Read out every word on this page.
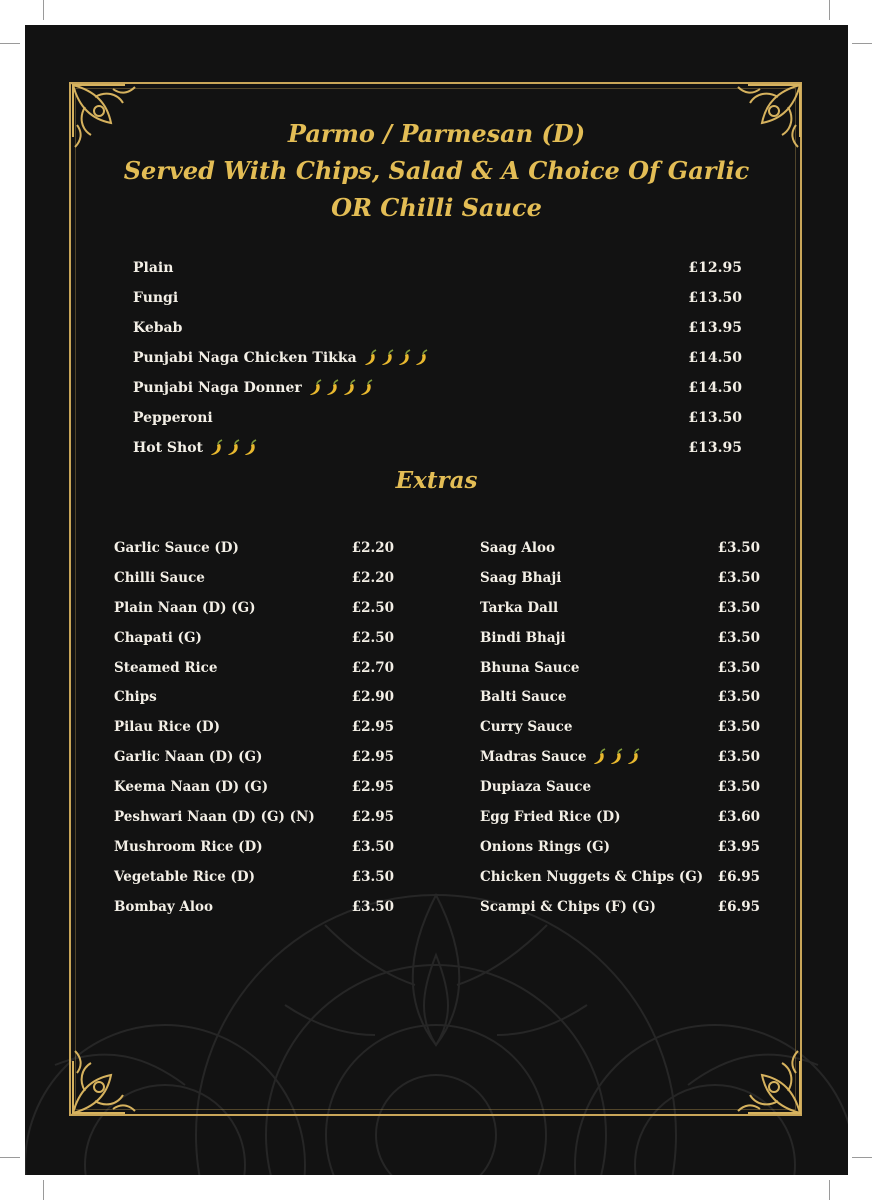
Parmo / Parmesan (D)
Served With Chips, Salad & A Choice Of Garlic
OR Chilli Sauce
Plain	£12.95
Fungi	£13.50
Kebab	£13.95
Punjabi Naga Chicken Tikka	£14.50
Punjabi Naga Donner	£14.50
Pepperoni	£13.50
Hot Shot	£13.95
Extras
Garlic Sauce (D)	£2.20
Chilli Sauce	£2.20
Plain Naan (D) (G)	£2.50
Chapati (G)	£2.50
Steamed Rice	£2.70
Chips	£2.90
Pilau Rice (D)	£2.95
Garlic Naan (D) (G)	£2.95
Keema Naan (D) (G)	£2.95
Peshwari Naan (D) (G) (N)	£2.95
Mushroom Rice (D)	£3.50
Vegetable Rice (D)	£3.50
Bombay Aloo	£3.50
Saag Aloo	£3.50
Saag Bhaji	£3.50
Tarka Dall	£3.50
Bindi Bhaji	£3.50
Bhuna Sauce	£3.50
Balti Sauce	£3.50
Curry Sauce	£3.50
Madras Sauce	£3.50
Dupiaza Sauce	£3.50
Egg Fried Rice (D)	£3.60
Onions Rings (G)	£3.95
Chicken Nuggets & Chips (G) £6.95
Scampi & Chips (F) (G)	£6.95
